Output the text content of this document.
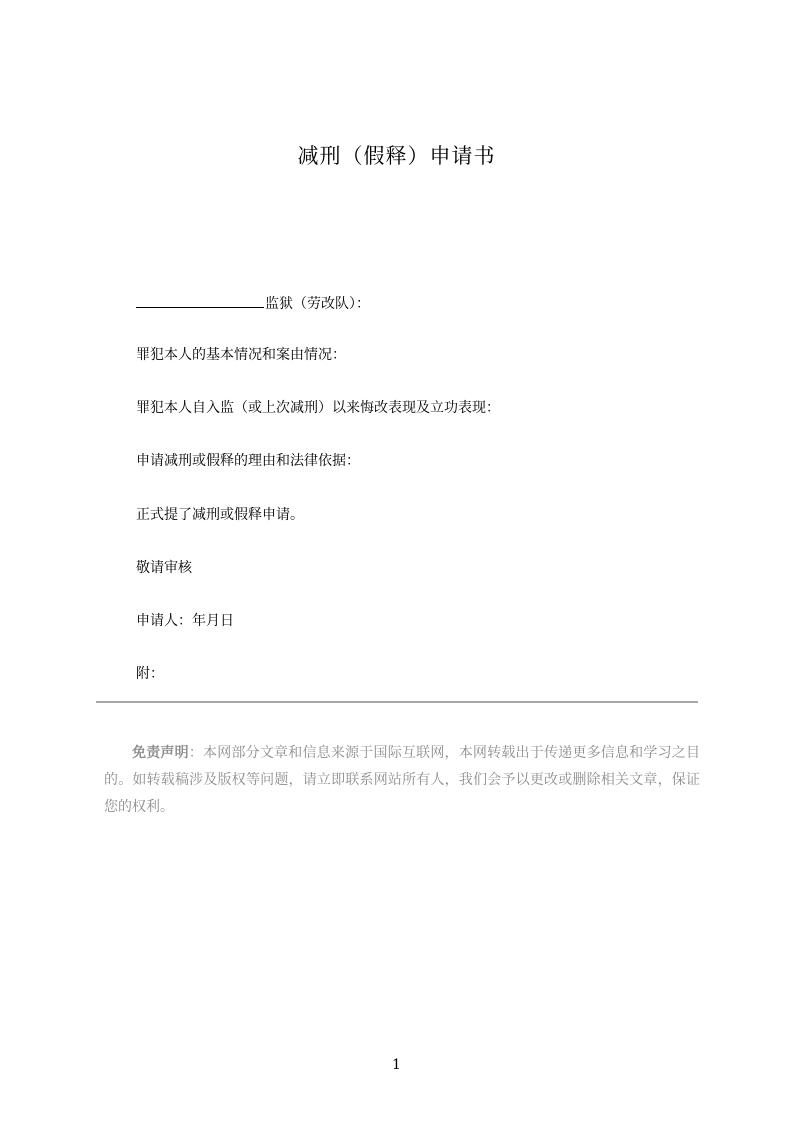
减刑（假释）申请书
监狱（劳改队）：
罪犯本人的基本情况和案由情况：
罪犯本人自入监（或上次减刑）以来悔改表现及立功表现：
申请减刑或假释的理由和法律依据：
正式提了减刑或假释申请。
敬请审核
申请人：年月日
附：
免责声明：本网部分文章和信息来源于国际互联网，本网转载出于传递更多信息和学习之目的。如转载稿涉及版权等问题，请立即联系网站所有人，我们会予以更改或删除相关文章，保证您的权利。
1
